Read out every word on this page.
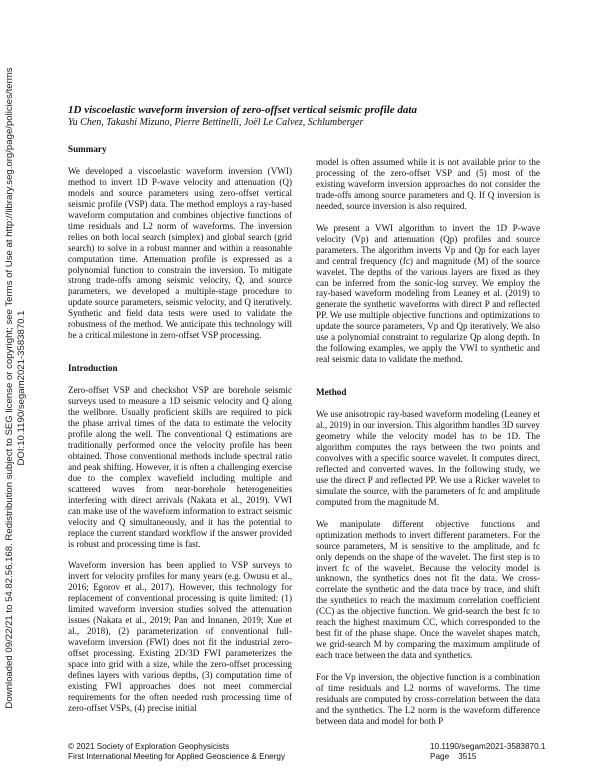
Downloaded 09/22/21 to 54.82.56.168. Redistribution subject to SEG license or copyright; see Terms of Use at http://library.seg.org/page/policies/terms DOI:10.1190/segam2021-3583870.1
1D viscoelastic waveform inversion of zero-offset vertical seismic profile data
Yu Chen, Takashi Mizuno, Pierre Bettinelli, Joël Le Calvez, Schlumberger
Summary

We developed a viscoelastic waveform inversion (VWI) method to invert 1D P-wave velocity and attenuation (Q) models and source parameters using zero-offset vertical seismic profile (VSP) data. The method employs a ray-based waveform computation and combines objective functions of time residuals and L2 norm of waveforms. The inversion relies on both local search (simplex) and global search (grid search) to solve in a robust manner and within a reasonable computation time. Attenuation profile is expressed as a polynomial function to constrain the inversion. To mitigate strong trade-offs among seismic velocity, Q, and source parameters, we developed a multiple-stage procedure to update source parameters, seismic velocity, and Q iteratively. Synthetic and field data tests were used to validate the robustness of the method. We anticipate this technology will be a critical milestone in zero-offset VSP processing.

Introduction

Zero-offset VSP and checkshot VSP are borehole seismic surveys used to measure a 1D seismic velocity and Q along the wellbore. Usually proficient skills are required to pick the phase arrival times of the data to estimate the velocity profile along the well. The conventional Q estimations are traditionally performed once the velocity profile has been obtained. Those conventional methods include spectral ratio and peak shifting. However, it is often a challenging exercise due to the complex wavefield including multiple and scattered waves from near-borehole heterogeneities interfering with direct arrivals (Nakata et al., 2019). VWI can make use of the waveform information to extract seismic velocity and Q simultaneously, and it has the potential to replace the current standard workflow if the answer provided is robust and processing time is fast.

Waveform inversion has been applied to VSP surveys to invert for velocity profiles for many years (e.g. Owusu et al., 2016; Egorov et al., 2017). However, this technology for replacement of conventional processing is quite limited: (1) limited waveform inversion studies solved the attenuation issues (Nakata et al., 2019; Pan and Innanen, 2019; Xue et al., 2018), (2) parameterization of conventional full-waveform inversion (FWI) does not fit the industrial zero-offset processing. Existing 2D/3D FWI parameterizes the space into grid with a size, while the zero-offset processing defines layers with various depths, (3) computation time of existing FWI approaches does not meet commercial requirements for the often needed rush processing time of zero-offset VSPs, (4) precise initial

model is often assumed while it is not available prior to the processing of the zero-offset VSP and (5) most of the existing waveform inversion approaches do not consider the trade-offs among source parameters and Q. If Q inversion is needed, source inversion is also required.

We present a VWI algorithm to invert the 1D P-wave velocity (Vp) and attenuation (Qp) profiles and source parameters. The algorithm inverts Vp and Qp for each layer and central frequency (fc) and magnitude (M) of the source wavelet. The depths of the various layers are fixed as they can be inferred from the sonic-log survey. We employ the ray-based waveform modeling from Leaney et al. (2019) to generate the synthetic waveforms with direct P and reflected PP. We use multiple objective functions and optimizations to update the source parameters, Vp and Qp iteratively. We also use a polynomial constraint to regularize Qp along depth. In the following examples, we apply the VWI to synthetic and real seismic data to validate the method.

Method

We use anisotropic ray-based waveform modeling (Leaney et al., 2019) in our inversion. This algorithm handles 3D survey geometry while the velocity model has to be 1D. The algorithm computes the rays between the two points and convolves with a specific source wavelet. It computes direct, reflected and converted waves. In the following study, we use the direct P and reflected PP. We use a Ricker wavelet to simulate the source, with the parameters of fc and amplitude computed from the magnitude M.

We manipulate different objective functions and optimization methods to invert different parameters. For the source parameters, M is sensitive to the amplitude, and fc only depends on the shape of the wavelet. The first step is to invert fc of the wavelet. Because the velocity model is unknown, the synthetics does not fit the data. We cross-correlate the synthetic and the data trace by trace, and shift the synthetics to reach the maximum correlation coefficient (CC) as the objective function. We grid-search the best fc to reach the highest maximum CC, which corresponded to the best fit of the phase shape. Once the wavelet shapes match, we grid-search M by comparing the maximum amplitude of each trace between the data and synthetics.

For the Vp inversion, the objective function is a combination of time residuals and L2 norms of waveforms. The time residuals are computed by cross-correlation between the data and the synthetics. The L2 norm is the waveform difference between data and model for both P

© 2021 Society of Exploration Geophysicists
First International Meeting for Applied Geoscience & Energy
10.1190/segam2021-3583870.1
Page 3515
